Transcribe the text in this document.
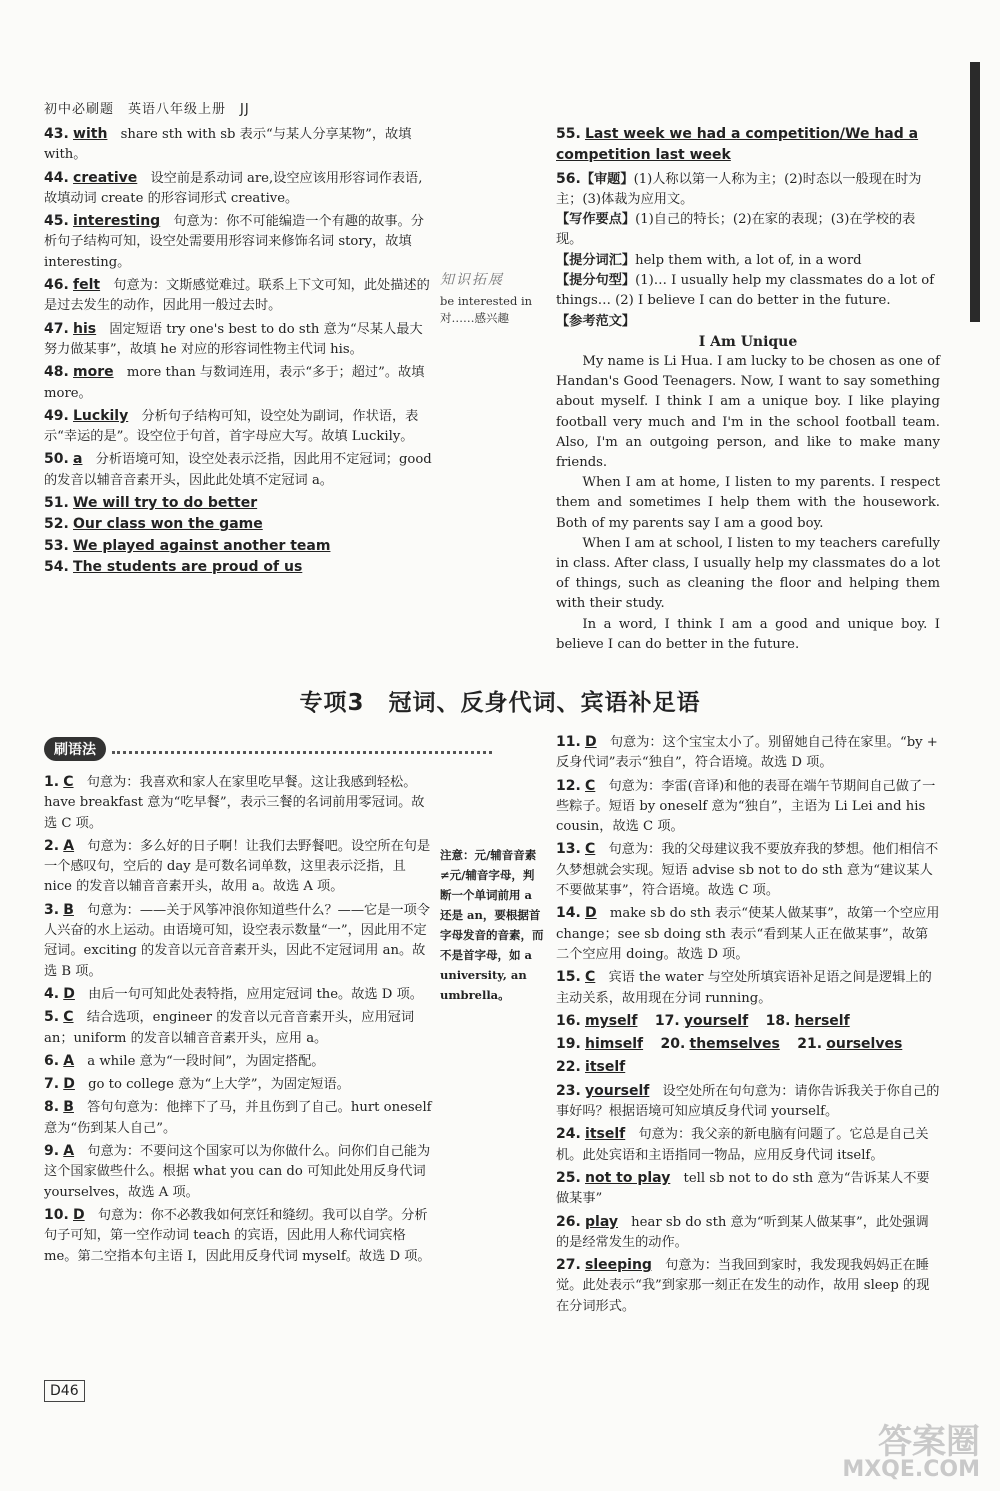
初中必刷题　英语八年级上册　JJ
43. with　 share sth with sb 表示“与某人分享某物”，故填 with。
44. creative　 设空前是系动词 are,设空应该用形容词作表语,故填动词 create 的形容词形式 creative。
45. interesting　 句意为：你不可能编造一个有趣的故事。分析句子结构可知，设空处需要用形容词来修饰名词 story，故填interesting。
46. felt　 句意为：文斯感觉难过。联系上下文可知，此处描述的是过去发生的动作，因此用一般过去时。
47. his　 固定短语 try one's best to do sth 意为“尽某人最大努力做某事”，故填 he 对应的形容词性物主代词 his。
48. more　 more than 与数词连用，表示“多于；超过”。故填 more。
49. Luckily　 分析句子结构可知，设空处为副词，作状语，表示“幸运的是”。设空位于句首，首字母应大写。故填 Luckily。
50. a　 分析语境可知，设空处表示泛指，因此用不定冠词；good 的发音以辅音音素开头，因此此处填不定冠词 a。
51. We will try to do better
52. Our class won the game
53. We played against another team
54. The students are proud of us
知识拓展
be interested in 对……感兴趣
55. Last week we had a competition/We had a competition last week
56.【审题】(1)人称以第一人称为主；(2)时态以一般现在时为主；(3)体裁为应用文。
【写作要点】(1)自己的特长；(2)在家的表现；(3)在学校的表现。
【提分词汇】help them with, a lot of, in a word
【提分句型】(1)… I usually help my classmates do a lot of things… (2) I believe I can do better in the future.
【参考范文】
I Am Unique

My name is Li Hua. I am lucky to be chosen as one of Handan's Good Teenagers. Now, I want to say something about myself. I think I am a unique boy. I like playing football very much and I'm in the school football team. Also, I'm an outgoing person, and like to make many friends.

When I am at home, I listen to my parents. I respect them and sometimes I help them with the housework. Both of my parents say I am a good boy.

When I am at school, I listen to my teachers carefully in class. After class, I usually help my classmates do a lot of things, such as cleaning the floor and helping them with their study.

In a word, I think I am a good and unique boy. I believe I can do better in the future.

专项3　冠词、反身代词、宾语补足语
刷语法
1. C　 句意为：我喜欢和家人在家里吃早餐。这让我感到轻松。have breakfast 意为“吃早餐”，表示三餐的名词前用零冠词。故选 C 项。
2. A　 句意为：多么好的日子啊！让我们去野餐吧。设空所在句是一个感叹句，空后的 day 是可数名词单数，这里表示泛指，且 nice 的发音以辅音音素开头，故用 a。故选 A 项。
3. B　 句意为：——关于风筝冲浪你知道些什么？——它是一项令人兴奋的水上运动。由语境可知，设空表示数量“一”，因此用不定冠词。exciting 的发音以元音音素开头，因此不定冠词用 an。故选 B 项。
4. D　 由后一句可知此处表特指，应用定冠词 the。故选 D 项。
5. C　 结合选项，engineer 的发音以元音音素开头，应用冠词 an；uniform 的发音以辅音音素开头，应用 a。
6. A　 a while 意为“一段时间”，为固定搭配。
7. D　 go to college 意为“上大学”，为固定短语。
8. B　 答句句意为：他摔下了马，并且伤到了自己。hurt oneself 意为“伤到某人自己”。
9. A　 句意为：不要问这个国家可以为你做什么。问你们自己能为这个国家做些什么。根据 what you can do 可知此处用反身代词 yourselves，故选 A 项。
10. D　 句意为：你不必教我如何烹饪和缝纫。我可以自学。分析句子可知，第一空作动词 teach 的宾语，因此用人称代词宾格 me。第二空指本句主语 I，因此用反身代词 myself。故选 D 项。
注意：元/辅音音素≠元/辅音字母，判断一个单词前用 a 还是 an，要根据首字母发音的音素，而不是首字母，如 a university, an umbrella。
11. D　 句意为：这个宝宝太小了。别留她自己待在家里。“by + 反身代词”表示“独自”，符合语境。故选 D 项。
12. C　 句意为：李雷(音译)和他的表哥在端午节期间自己做了一些粽子。短语 by oneself 意为“独自”，主语为 Li Lei and his cousin，故选 C 项。
13. C　 句意为：我的父母建议我不要放弃我的梦想。他们相信不久梦想就会实现。短语 advise sb not to do sth 意为“建议某人不要做某事”，符合语境。故选 C 项。
14. D　 make sb do sth 表示“使某人做某事”，故第一个空应用 change；see sb doing sth 表示“看到某人正在做某事”，故第二个空应用 doing。故选 D 项。
15. C　 宾语 the water 与空处所填宾语补足语之间是逻辑上的主动关系，故用现在分词 running。
16. myself　 17. yourself　 18. herself
19. himself　 20. themselves　 21. ourselves
22. itself
23. yourself　 设空处所在句句意为：请你告诉我关于你自己的事好吗？根据语境可知应填反身代词 yourself。
24. itself　 句意为：我父亲的新电脑有问题了。它总是自己关机。此处宾语和主语指同一物品，应用反身代词 itself。
25. not to play　 tell sb not to do sth 意为“告诉某人不要做某事”
26. play　 hear sb do sth 意为“听到某人做某事”，此处强调的是经常发生的动作。
27. sleeping　 句意为：当我回到家时，我发现我妈妈正在睡觉。此处表示“我”到家那一刻正在发生的动作，故用 sleep 的现在分词形式。
D46
答案圈
MXQE.COM
